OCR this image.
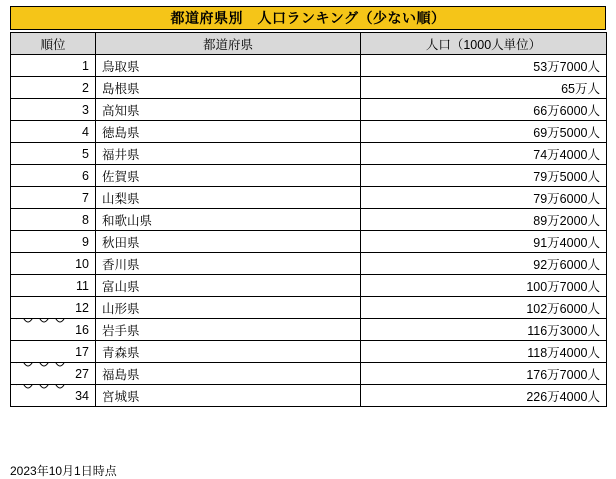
都道府県別　人口ランキング（少ない順）
順位	都道府県	人口（1000人単位）
1	鳥取県	53万7000人
2	島根県	65万人
3	高知県	66万6000人
4	徳島県	69万5000人
5	福井県	74万4000人
6	佐賀県	79万5000人
7	山梨県	79万6000人
8	和歌山県	89万2000人
9	秋田県	91万4000人
10	香川県	92万6000人
11	富山県	100万7000人
12	山形県	102万6000人
16	岩手県	116万3000人
17	青森県	118万4000人
27	福島県	176万7000人
34	宮城県	226万4000人
2023年10月1日時点
